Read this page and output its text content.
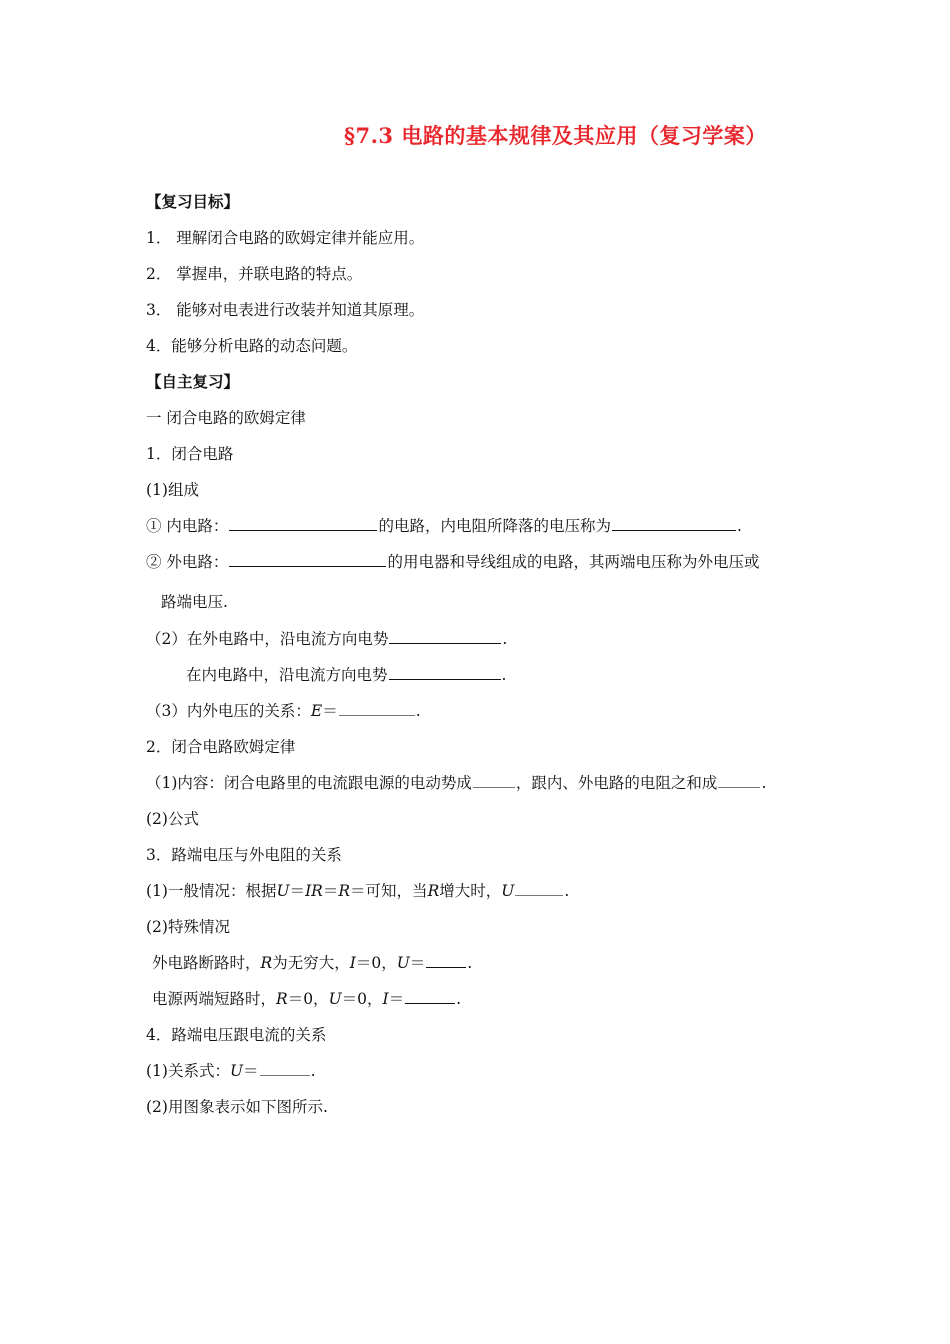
§7.3 电路的基本规律及其应用（复习学案）
【复习目标】
1． 理解闭合电路的欧姆定律并能应用。
2． 掌握串，并联电路的特点。
3． 能够对电表进行改装并知道其原理。
4．能够分析电路的动态问题。
【自主复习】
一 闭合电路的欧姆定律
1．闭合电路
(1)组成
① 内电路：	的电路，内电阻所降落的电压称为	.
② 外电路：	的用电器和导线组成的电路，其两端电压称为外电压或
路端电压.
（2）在外电路中，沿电流方向电势	.
在内电路中，沿电流方向电势	.
（3）内外电压的关系：E＝	.
2．闭合电路欧姆定律
（1)内容：闭合电路里的电流跟电源的电动势成	，跟内、外电路的电阻之和成	.
(2)公式
3．路端电压与外电阻的关系
(1)一般情况：根据U＝IR＝R＝可知，当R增大时，U	.
(2)特殊情况
外电路断路时，R为无穷大，I＝0，U＝	.
电源两端短路时，R＝0，U＝0，I＝	.
4．路端电压跟电流的关系
(1)关系式：U＝	.
(2)用图象表示如下图所示.
